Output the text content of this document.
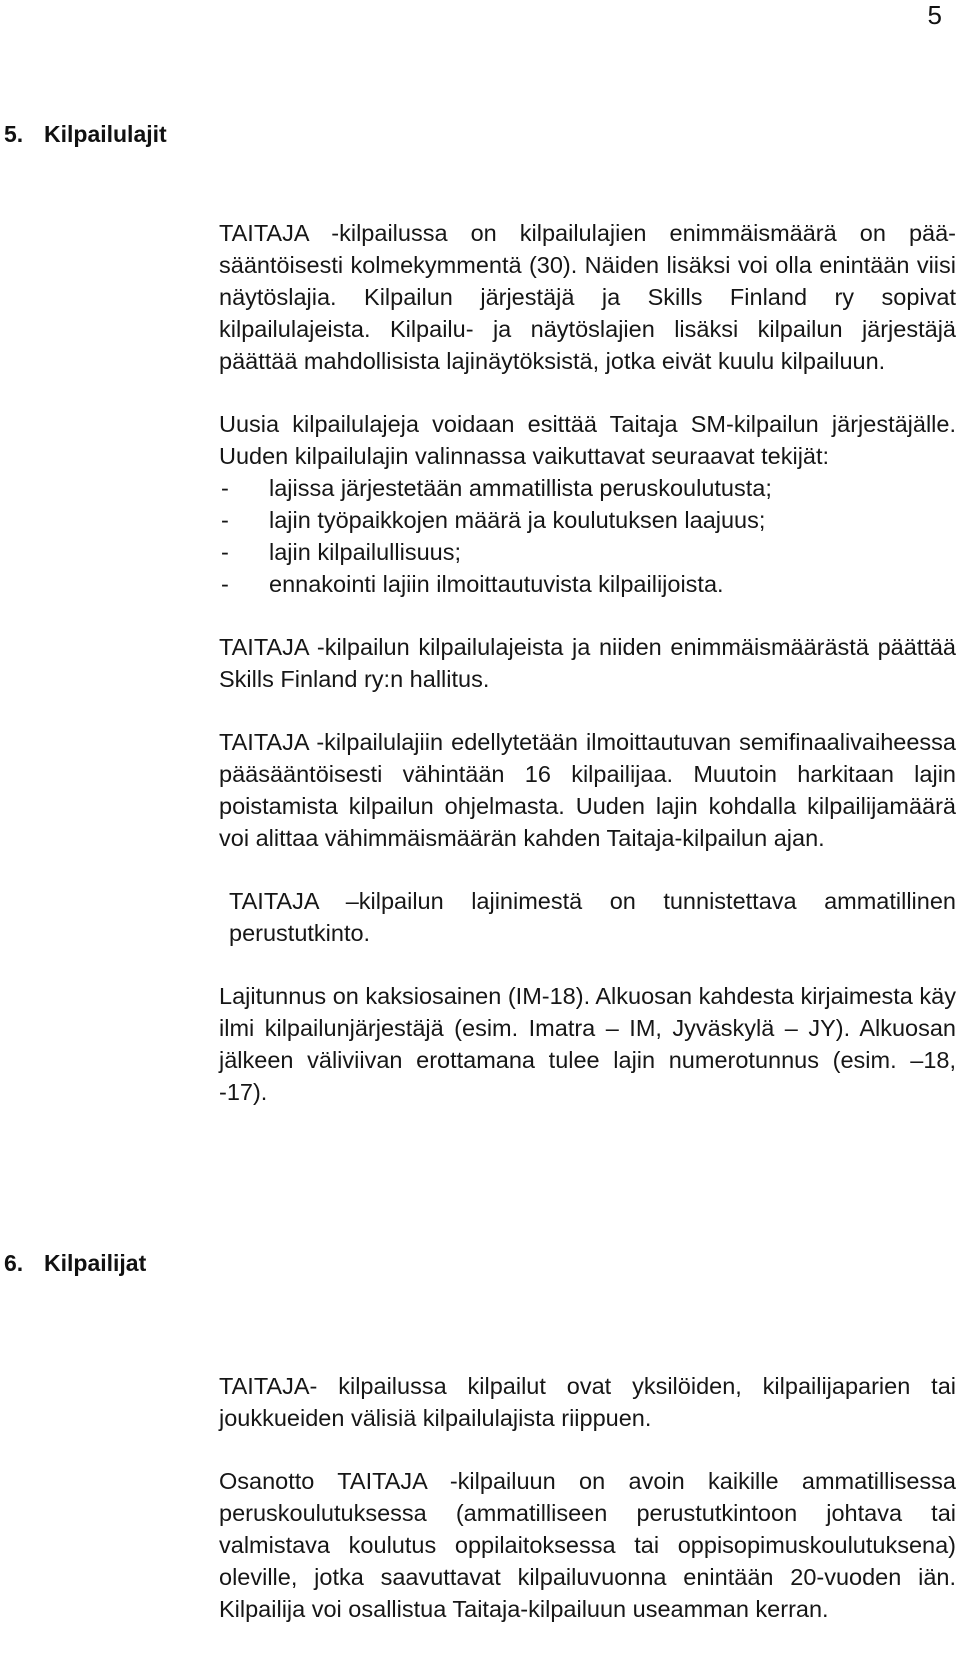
5
5. Kilpailulajit

TAITAJA -kilpailussa on kilpailulajien enimmäismäärä on pääsääntöisesti kolmekymmentä (30). Näiden lisäksi voi olla enintään viisi näytöslajia. Kilpailun järjestäjä ja Skills Finland ry sopivat kilpailulajeista. Kilpailu- ja näytöslajien lisäksi kilpailun järjestäjä päättää mahdollisista lajinäytöksistä, jotka eivät kuulu kilpailuun.

Uusia kilpailulajeja voidaan esittää Taitaja SM-kilpailun järjestäjälle. Uuden kilpailulajin valinnassa vaikuttavat seuraavat tekijät:

- lajissa järjestetään ammatillista peruskoulutusta;
- lajin työpaikkojen määrä ja koulutuksen laajuus;
- lajin kilpailullisuus;
- ennakointi lajiin ilmoittautuvista kilpailijoista.

TAITAJA -kilpailun kilpailulajeista ja niiden enimmäismäärästä päättää Skills Finland ry:n hallitus.

TAITAJA -kilpailulajiin edellytetään ilmoittautuvan semifinaalivaiheessa pääsääntöisesti vähintään 16 kilpailijaa. Muutoin harkitaan lajin poistamista kilpailun ohjelmasta. Uuden lajin kohdalla kilpailijamäärä voi alittaa vähimmäismäärän kahden Taitaja-kilpailun ajan.

TAITAJA –kilpailun lajinimestä on tunnistettava ammatillinen perustutkinto.

Lajitunnus on kaksiosainen (IM-18). Alkuosan kahdesta kirjaimesta käy ilmi kilpailunjärjestäjä (esim. Imatra – IM, Jyväskylä – JY). Alkuosan jälkeen väliviivan erottamana tulee lajin numerotunnus (esim. –18, -17).

6. Kilpailijat

TAITAJA- kilpailussa kilpailut ovat yksilöiden, kilpailijaparien tai joukkueiden välisiä kilpailulajista riippuen.

Osanotto TAITAJA -kilpailuun on avoin kaikille ammatillisessa peruskoulutuksessa (ammatilliseen perustutkintoon johtava tai valmistava koulutus oppilaitoksessa tai oppisopimuskoulutuksena) oleville, jotka saavuttavat kilpailuvuonna enintään 20-vuoden iän. Kilpailija voi osallistua Taitaja-kilpailuun useamman kerran.
